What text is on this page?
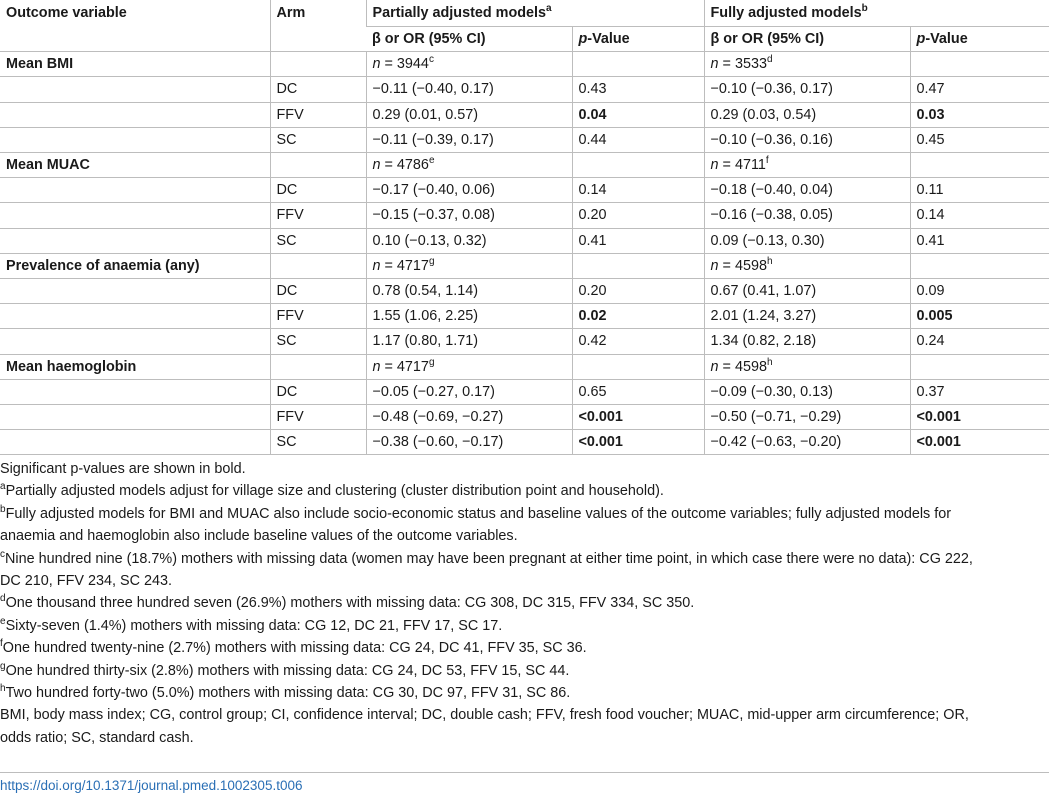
Outcome variable	Arm	Partially adjusted models$^a$		Fully adjusted models$^b$
		β or OR (95% CI)	p-Value	β or OR (95% CI)	p-Value
Mean BMI		$n = 3944^c$		$n = 3533^d$	
	DC	−0.11 (−0.40, 0.17)	0.43	−0.10 (−0.36, 0.17)	0.47
	FFV	0.29 (0.01, 0.57)	0.04	0.29 (0.03, 0.54)	0.03
	SC	−0.11 (−0.39, 0.17)	0.44	−0.10 (−0.36, 0.16)	0.45
Mean MUAC		$n = 4786^e$		$n = 4711^f$	
	DC	−0.17 (−0.40, 0.06)	0.14	−0.18 (−0.40, 0.04)	0.11
	FFV	−0.15 (−0.37, 0.08)	0.20	−0.16 (−0.38, 0.05)	0.14
	SC	0.10 (−0.13, 0.32)	0.41	0.09 (−0.13, 0.30)	0.41
Prevalence of anaemia (any)		$n = 4717^g$		$n = 4598^h$	
	DC	0.78 (0.54, 1.14)	0.20	0.67 (0.41, 1.07)	0.09
	FFV	1.55 (1.06, 2.25)	0.02	2.01 (1.24, 3.27)	0.005
	SC	1.17 (0.80, 1.71)	0.42	1.34 (0.82, 2.18)	0.24
Mean haemoglobin		$n = 4717^g$		$n = 4598^h$	
	DC	−0.05 (−0.27, 0.17)	0.65	−0.09 (−0.30, 0.13)	0.37
	FFV	−0.48 (−0.69, −0.27)	<0.001	−0.50 (−0.71, −0.29)	<0.001
	SC	−0.38 (−0.60, −0.17)	<0.001	−0.42 (−0.63, −0.20)	<0.001
Significant p-values are shown in bold.
$^a$Partially adjusted models adjust for village size and clustering (cluster distribution point and household).
$^b$Fully adjusted models for BMI and MUAC also include socio-economic status and baseline values of the outcome variables; fully adjusted models for
anaemia and haemoglobin also include baseline values of the outcome variables.
$^c$Nine hundred nine (18.7%) mothers with missing data (women may have been pregnant at either time point, in which case there were no data): CG 222,
DC 210, FFV 234, SC 243.
$^d$One thousand three hundred seven (26.9%) mothers with missing data: CG 308, DC 315, FFV 334, SC 350.
$^e$Sixty-seven (1.4%) mothers with missing data: CG 12, DC 21, FFV 17, SC 17.
$^f$One hundred twenty-nine (2.7%) mothers with missing data: CG 24, DC 41, FFV 35, SC 36.
$^g$One hundred thirty-six (2.8%) mothers with missing data: CG 24, DC 53, FFV 15, SC 44.
$^h$Two hundred forty-two (5.0%) mothers with missing data: CG 30, DC 97, FFV 31, SC 86.
BMI, body mass index; CG, control group; CI, confidence interval; DC, double cash; FFV, fresh food voucher; MUAC, mid-upper arm circumference; OR,
odds ratio; SC, standard cash.
https://doi.org/10.1371/journal.pmed.1002305.t006
